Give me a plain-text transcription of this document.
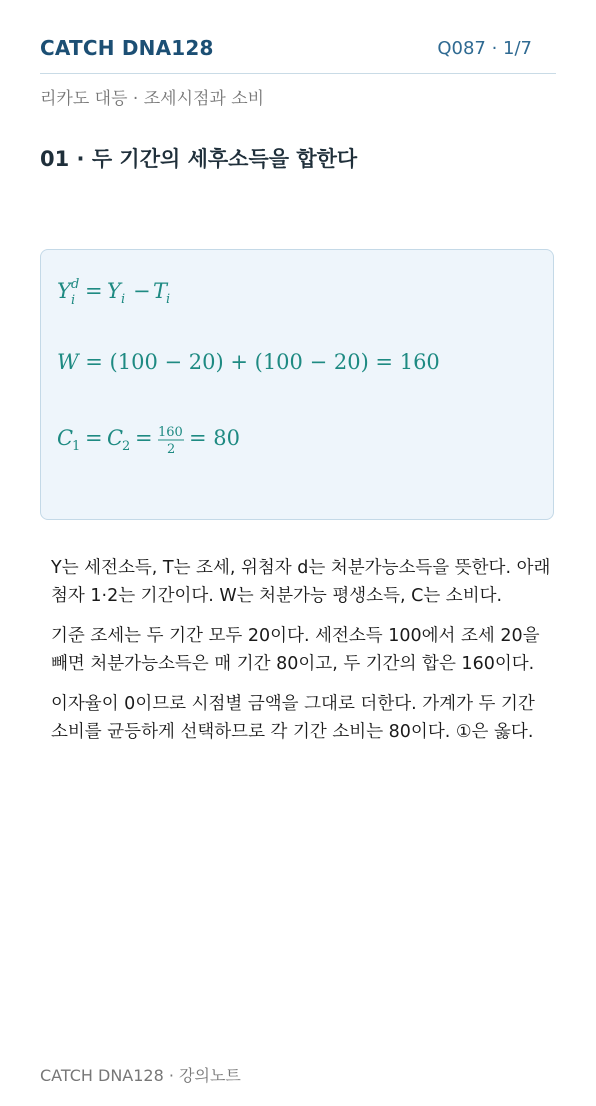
CATCH DNA128	Q087 · 1/7
리카도 대등 · 조세시점과 소비
01 · 두 기간의 세후소득을 합한다
Y d
i = Y i − T
i
W = (100 − 20) + (100 − 20) = 160
C
1 = C
2 = 160
2 = 80

Y는 세전소득, T는 조세, 위첨자 d는 처분가능소득을 뜻한다. 아래첨자 1·2는 기간이다. W는 처분가능 평생소득, C는 소비다.

기준 조세는 두 기간 모두 20이다. 세전소득 100에서 조세 20을 빼면 처분가능소득은 매 기간 80이고, 두 기간의 합은 160이다.

이자율이 0이므로 시점별 금액을 그대로 더한다. 가계가 두 기간 소비를 균등하게 선택하므로 각 기간 소비는 80이다. ①은 옳다.

CATCH DNA128 · 강의노트
